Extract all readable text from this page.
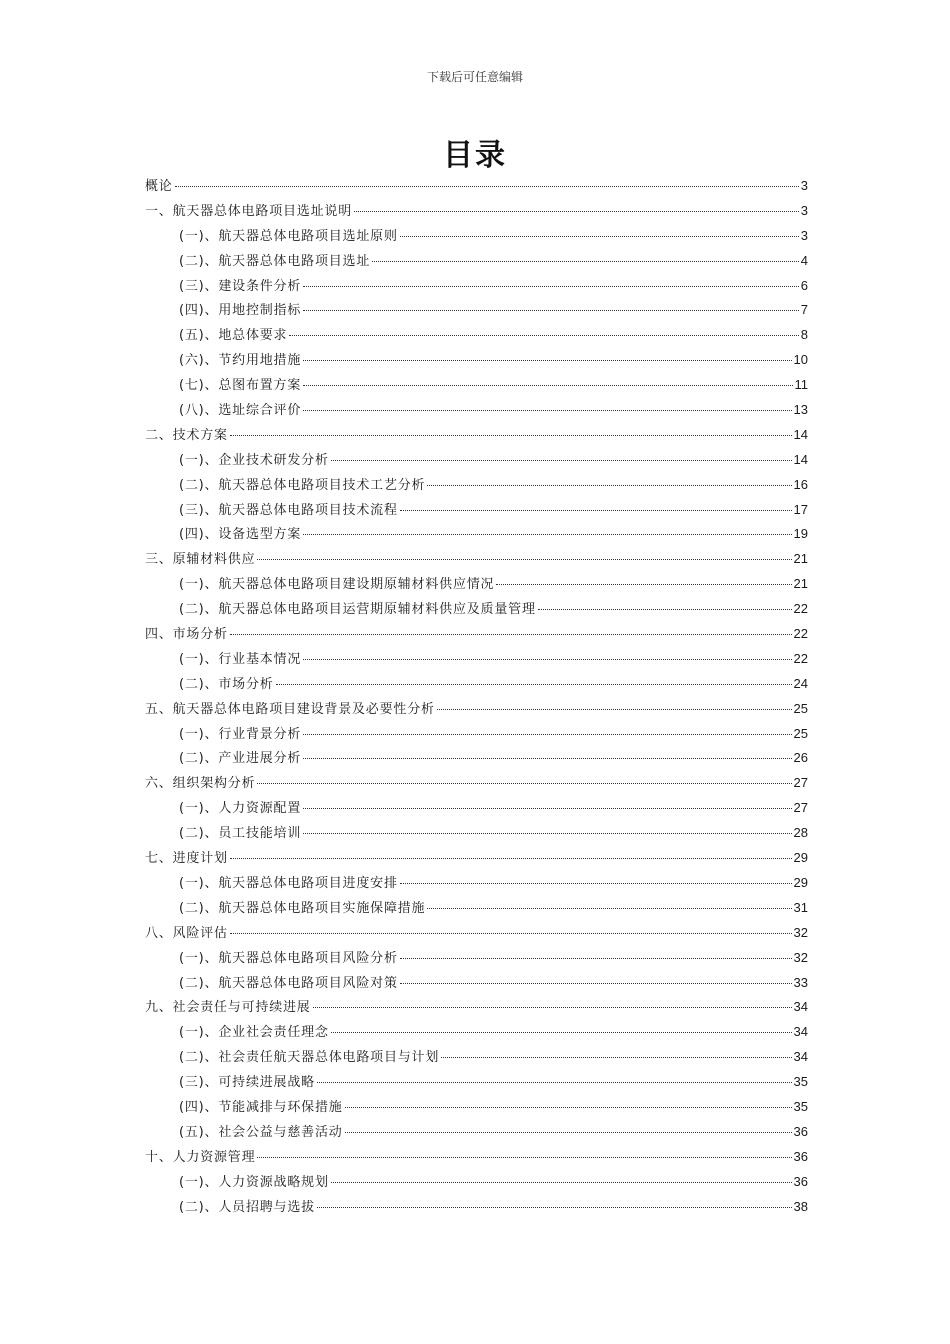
下载后可任意编辑
目录
概论	3
一、航天器总体电路项目选址说明	3
(一)、航天器总体电路项目选址原则	3
(二)、航天器总体电路项目选址	4
(三)、建设条件分析	6
(四)、用地控制指标	7
(五)、地总体要求	8
(六)、节约用地措施	10
(七)、总图布置方案	11
(八)、选址综合评价	13
二、技术方案	14
(一)、企业技术研发分析	14
(二)、航天器总体电路项目技术工艺分析	16
(三)、航天器总体电路项目技术流程	17
(四)、设备选型方案	19
三、原辅材料供应	21
(一)、航天器总体电路项目建设期原辅材料供应情况	21
(二)、航天器总体电路项目运营期原辅材料供应及质量管理	22
四、市场分析	22
(一)、行业基本情况	22
(二)、市场分析	24
五、航天器总体电路项目建设背景及必要性分析	25
(一)、行业背景分析	25
(二)、产业进展分析	26
六、组织架构分析	27
(一)、人力资源配置	27
(二)、员工技能培训	28
七、进度计划	29
(一)、航天器总体电路项目进度安排	29
(二)、航天器总体电路项目实施保障措施	31
八、风险评估	32
(一)、航天器总体电路项目风险分析	32
(二)、航天器总体电路项目风险对策	33
九、社会责任与可持续进展	34
(一)、企业社会责任理念	34
(二)、社会责任航天器总体电路项目与计划	34
(三)、可持续进展战略	35
(四)、节能减排与环保措施	35
(五)、社会公益与慈善活动	36
十、人力资源管理	36
(一)、人力资源战略规划	36
(二)、人员招聘与选拔	38
